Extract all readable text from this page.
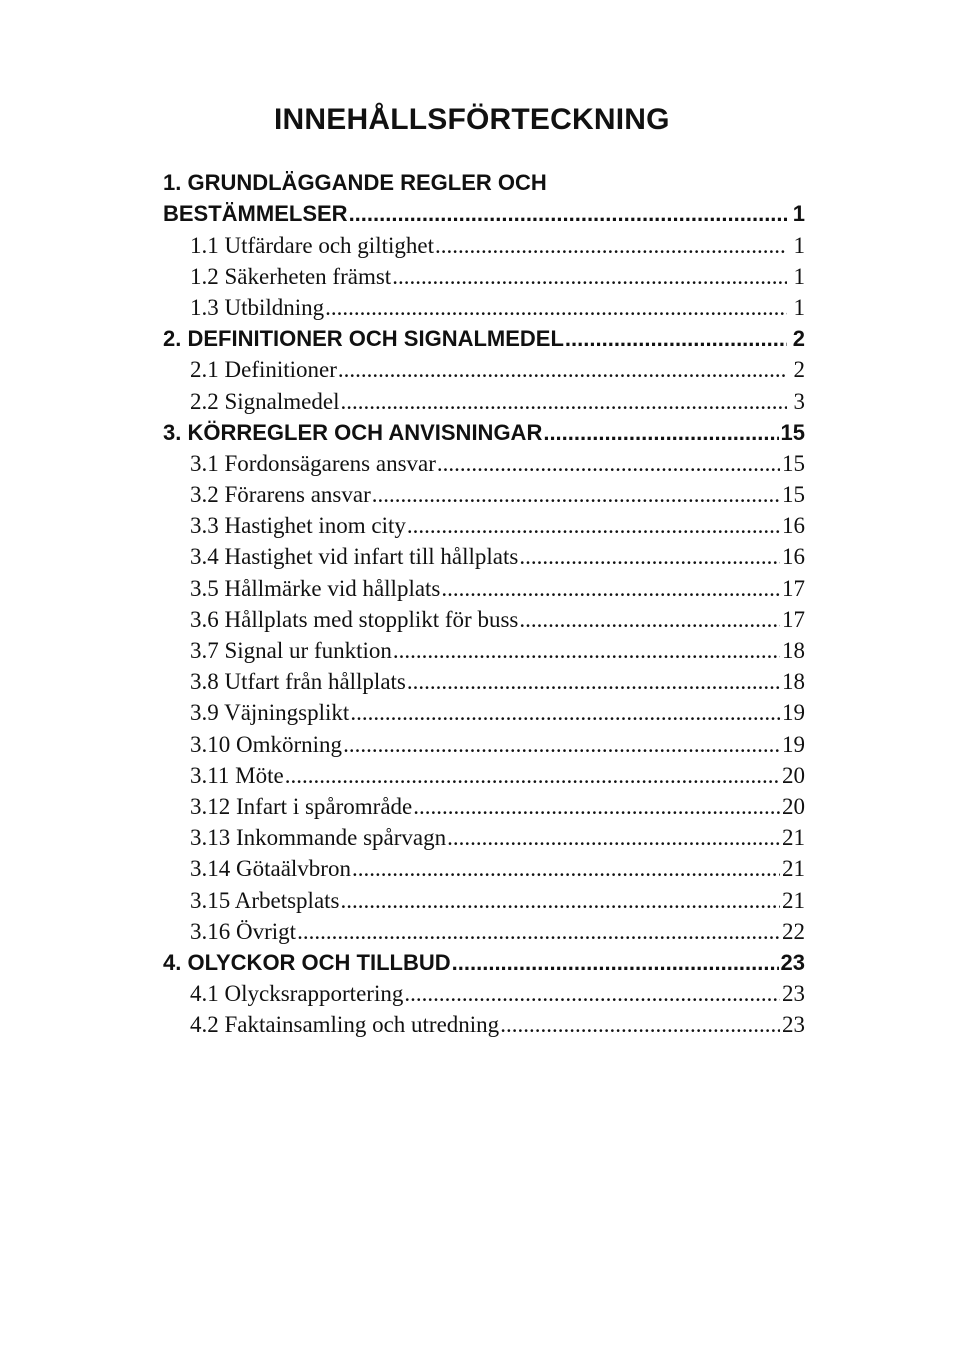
INNEHÅLLSFÖRTECKNING
1. GRUNDLÄGGANDE REGLER OCH
BESTÄMMELSER .....	1
1.1 Utfärdare och giltighet .....	1
1.2 Säkerheten främst .....	1
1.3 Utbildning .....	1
2. DEFINITIONER OCH SIGNALMEDEL .....	2
2.1 Definitioner .....	2
2.2 Signalmedel .....	3
3. KÖRREGLER OCH ANVISNINGAR .....	15
3.1 Fordonsägarens ansvar .....	15
3.2 Förarens ansvar .....	15
3.3 Hastighet inom city .....	16
3.4 Hastighet vid infart till hållplats .....	16
3.5 Hållmärke vid hållplats .....	17
3.6 Hållplats med stopplikt för buss .....	17
3.7 Signal ur funktion .....	18
3.8 Utfart från hållplats .....	18
3.9 Väjningsplikt .....	19
3.10 Omkörning .....	19
3.11 Möte .....	20
3.12 Infart i spårområde .....	20
3.13 Inkommande spårvagn .....	21
3.14 Götaälvbron .....	21
3.15 Arbetsplats .....	21
3.16 Övrigt .....	22
4. OLYCKOR OCH TILLBUD .....	23
4.1 Olycksrapportering .....	23
4.2 Faktainsamling och utredning .....	23
